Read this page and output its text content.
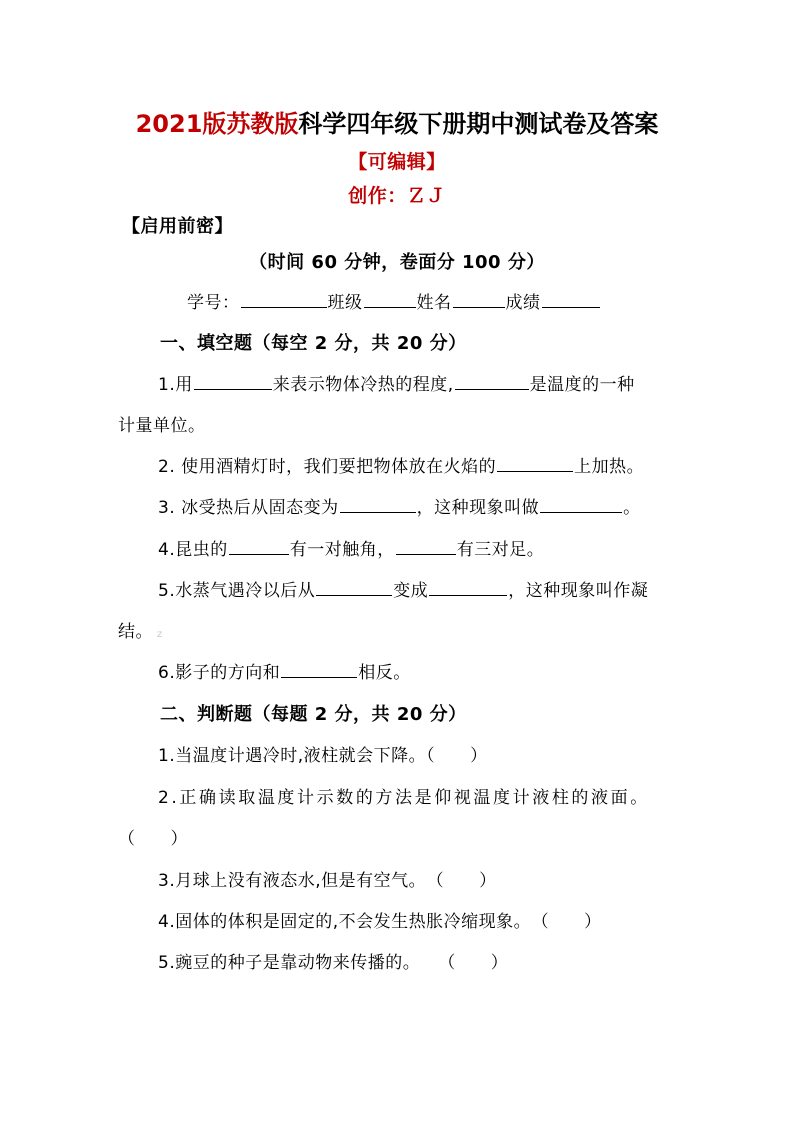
2021版苏教版科学四年级下册期中测试卷及答案
【可编辑】
创作：ＺＪ
【启用前密】
（时间 60 分钟，卷面分 100 分）
学号：	班级	姓名	成绩
一、填空题（每空 2 分，共 20 分）
1.用	来表示物体冷热的程度,	是温度的一种
计量单位。
2. 使用酒精灯时，我们要把物体放在火焰的	上加热。
3. 冰受热后从固态变为	，这种现象叫做	。
4.昆虫的	有一对触角，	有三对足。
5.水蒸气遇冷以后从	变成	，这种现象叫作凝
结。 z
6.影子的方向和	相反。
二、判断题（每题 2 分，共 20 分）
1.当温度计遇冷时,液柱就会下降。（　　）
2.正确读取温度计示数的方法是仰视温度计液柱的液面。
（　　）
3.月球上没有液态水,但是有空气。　（　　）
4.固体的体积是固定的,不会发生热胀冷缩现象。　（　　）
5.豌豆的种子是靠动物来传播的。　　（　　）
